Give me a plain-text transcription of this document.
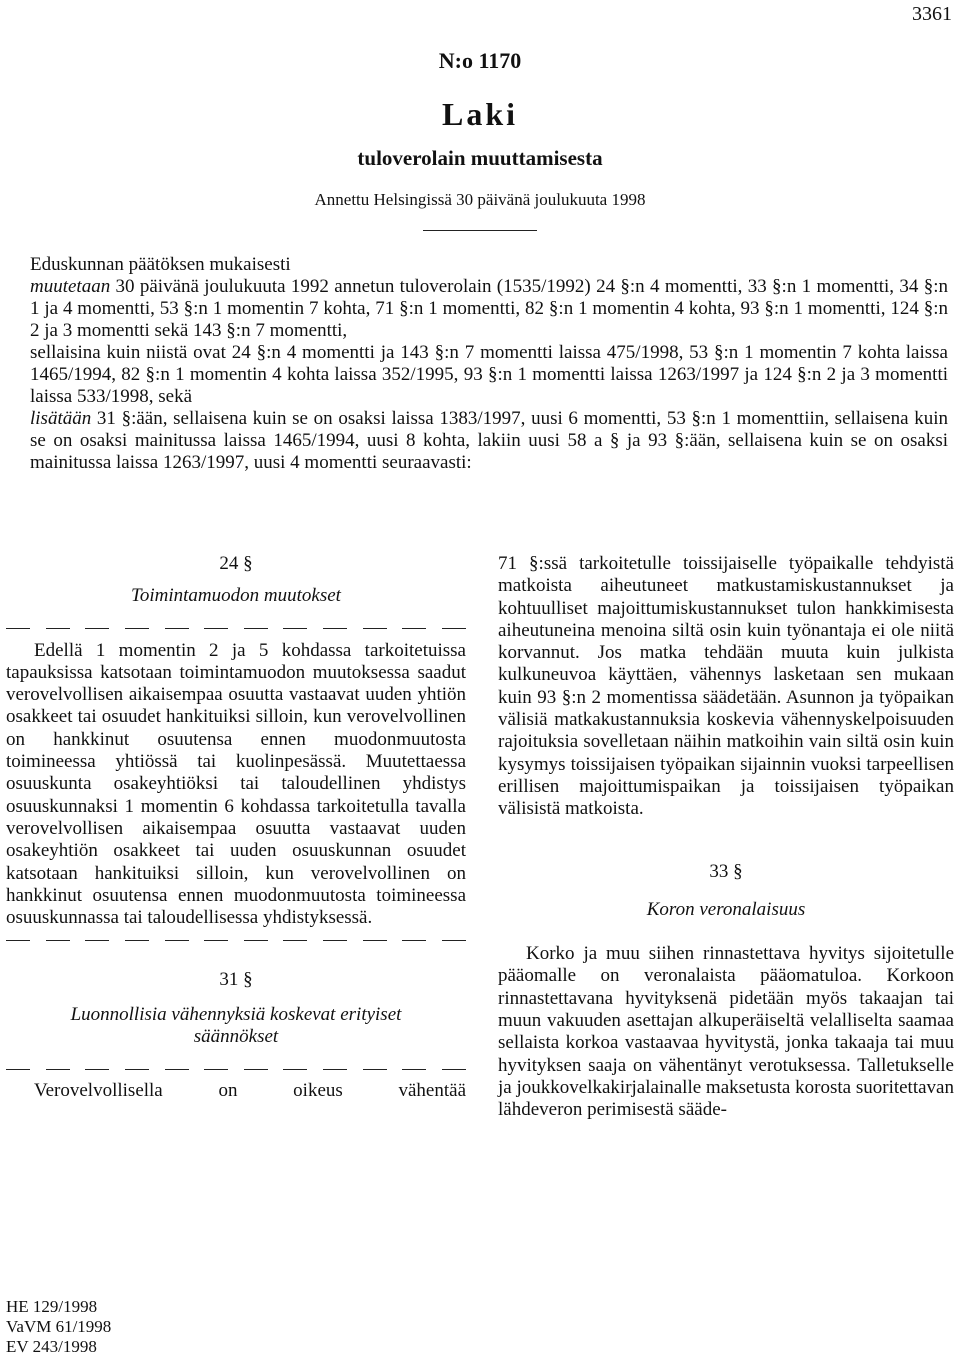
3361
N:o 1170
Laki
tuloverolain muuttamisesta
Annettu Helsingissä 30 päivänä joulukuuta 1998

Eduskunnan päätöksen mukaisesti

muutetaan 30 päivänä joulukuuta 1992 annetun tuloverolain (1535/1992) 24 §:n 4 momentti, 33 §:n 1 momentti, 34 §:n 1 ja 4 momentti, 53 §:n 1 momentin 7 kohta, 71 §:n 1 momentti, 82 §:n 1 momentin 4 kohta, 93 §:n 1 momentti, 124 §:n 2 ja 3 momentti sekä 143 §:n 7 momentti,

sellaisina kuin niistä ovat 24 §:n 4 momentti ja 143 §:n 7 momentti laissa 475/1998, 53 §:n 1 momentin 7 kohta laissa 1465/1994, 82 §:n 1 momentin 4 kohta laissa 352/1995, 93 §:n 1 momentti laissa 1263/1997 ja 124 §:n 2 ja 3 momentti laissa 533/1998, sekä

lisätään 31 §:ään, sellaisena kuin se on osaksi laissa 1383/1997, uusi 6 momentti, 53 §:n 1 momenttiin, sellaisena kuin se on osaksi mainitussa laissa 1465/1994, uusi 8 kohta, lakiin uusi 58 a § ja 93 §:ään, sellaisena kuin se on osaksi mainitussa laissa 1263/1997, uusi 4 momentti seuraavasti:

24 §

Toimintamuodon muutokset

Edellä 1 momentin 2 ja 5 kohdassa tarkoitetuissa tapauksissa katsotaan toimintamuodon muutoksessa saadut verovelvollisen aikaisempaa osuutta vastaavat uuden yhtiön osakkeet tai osuudet hankituiksi silloin, kun verovelvollinen on hankkinut osuutensa ennen muodonmuutosta toimineessa yhtiössä tai kuolinpesässä. Muutettaessa osuuskunta osakeyhtiöksi tai taloudellinen yhdistys osuuskunnaksi 1 momentin 6 kohdassa tarkoitetulla tavalla verovelvollisen aikaisempaa osuutta vastaavat uuden osakeyhtiön osakkeet tai uuden osuuskunnan osuudet katsotaan hankituiksi silloin, kun verovelvollinen on hankkinut osuutensa ennen muodonmuutosta toimineessa osuuskunnassa tai taloudellisessa yhdistyksessä.

31 §

Luonnollisia vähennyksiä koskevat erityiset

säännökset

Verovelvollisella on oikeus vähentää

71 §:ssä tarkoitetulle toissijaiselle työpaikalle tehdyistä matkoista aiheutuneet matkustamiskustannukset ja kohtuulliset majoittumiskustannukset tulon hankkimisesta aiheutuneina menoina siltä osin kuin työnantaja ei ole niitä korvannut. Jos matka tehdään muuta kuin julkista kulkuneuvoa käyttäen, vähennys lasketaan sen mukaan kuin 93 §:n 2 momentissa säädetään. Asunnon ja työpaikan välisiä matkakustannuksia koskevia vähennyskelpoisuuden rajoituksia sovelletaan näihin matkoihin vain siltä osin kuin kysymys toissijaisen työpaikan sijainnin vuoksi tarpeellisen erillisen majoittumispaikan ja toissijaisen työpaikan välisistä matkoista.

33 §

Koron veronalaisuus

Korko ja muu siihen rinnastettava hyvitys sijoitetulle pääomalle on veronalaista pääomatuloa. Korkoon rinnastettavana hyvityksenä pidetään myös takaajan tai muun vakuuden asettajan alkuperäiseltä velalliselta saamaa sellaista korkoa vastaavaa hyvitystä, jonka takaaja tai muu hyvityksen saaja on vähentänyt verotuksessa. Talletukselle ja joukkovelkakirjalainalle maksetusta korosta suoritettavan lähdeveron perimisestä sääde-

HE 129/1998
VaVM 61/1998
EV 243/1998
